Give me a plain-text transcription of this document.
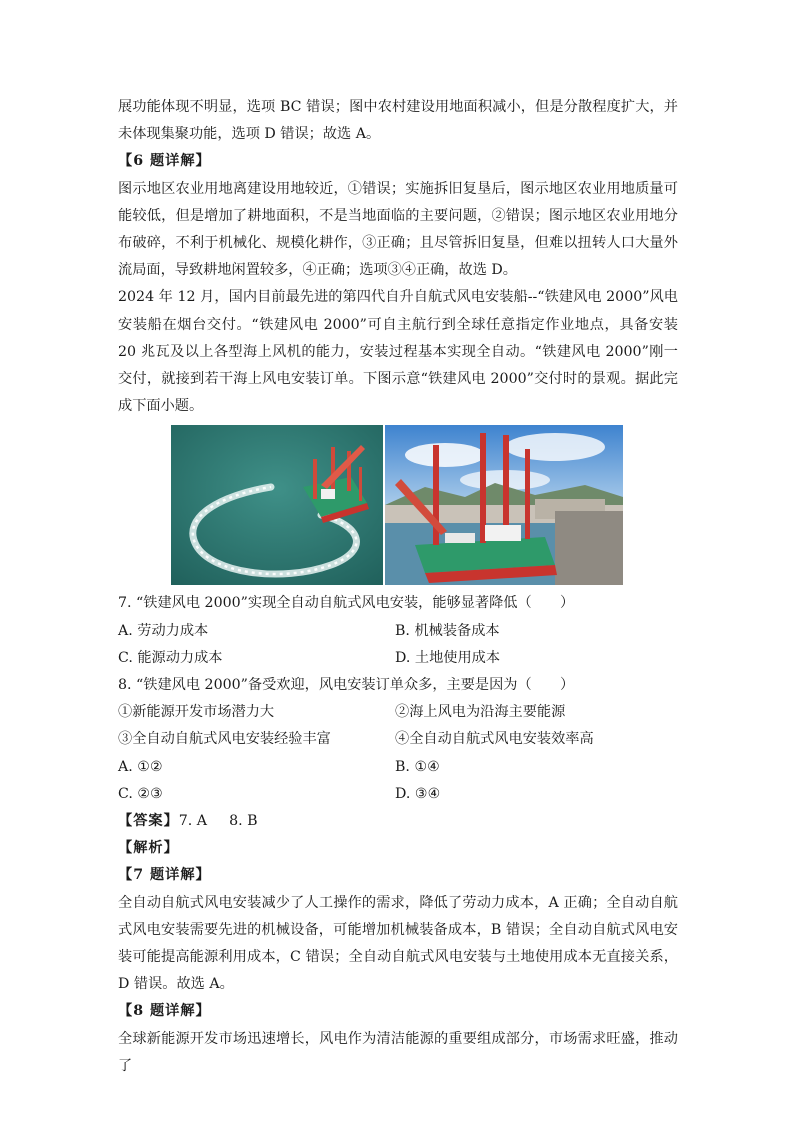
展功能体现不明显，选项 BC 错误；图中农村建设用地面积减小，但是分散程度扩大，并未体现集聚功能，选项 D 错误；故选 A。

【6 题详解】

图示地区农业用地离建设用地较近，①错误；实施拆旧复垦后，图示地区农业用地质量可能较低，但是增加了耕地面积，不是当地面临的主要问题，②错误；图示地区农业用地分布破碎，不利于机械化、规模化耕作，③正确；且尽管拆旧复垦，但难以扭转人口大量外流局面，导致耕地闲置较多，④正确；选项③④正确，故选 D。

2024 年 12 月，国内目前最先进的第四代自升自航式风电安装船--“铁建风电 2000”风电安装船在烟台交付。“铁建风电 2000”可自主航行到全球任意指定作业地点，具备安装 20 兆瓦及以上各型海上风机的能力，安装过程基本实现全自动。“铁建风电 2000”刚一交付，就接到若干海上风电安装订单。下图示意“铁建风电 2000”交付时的景观。据此完成下面小题。

7. “铁建风电 2000”实现全自动自航式风电安装，能够显著降低（　　）

A. 劳动力成本	B. 机械装备成本
C. 能源动力成本	D. 土地使用成本

8. “铁建风电 2000”备受欢迎，风电安装订单众多，主要是因为（　　）

①新能源开发市场潜力大	②海上风电为沿海主要能源
③全自动自航式风电安装经验丰富	④全自动自航式风电安装效率高
A. ①②	B. ①④
C. ②③	D. ③④

【答案】7. A 8. B

【解析】

【7 题详解】

全自动自航式风电安装减少了人工操作的需求，降低了劳动力成本，A 正确；全自动自航式风电安装需要先进的机械设备，可能增加机械装备成本，B 错误；全自动自航式风电安装可能提高能源利用成本，C 错误；全自动自航式风电安装与土地使用成本无直接关系，D 错误。故选 A。

【8 题详解】

全球新能源开发市场迅速增长，风电作为清洁能源的重要组成部分，市场需求旺盛，推动了
